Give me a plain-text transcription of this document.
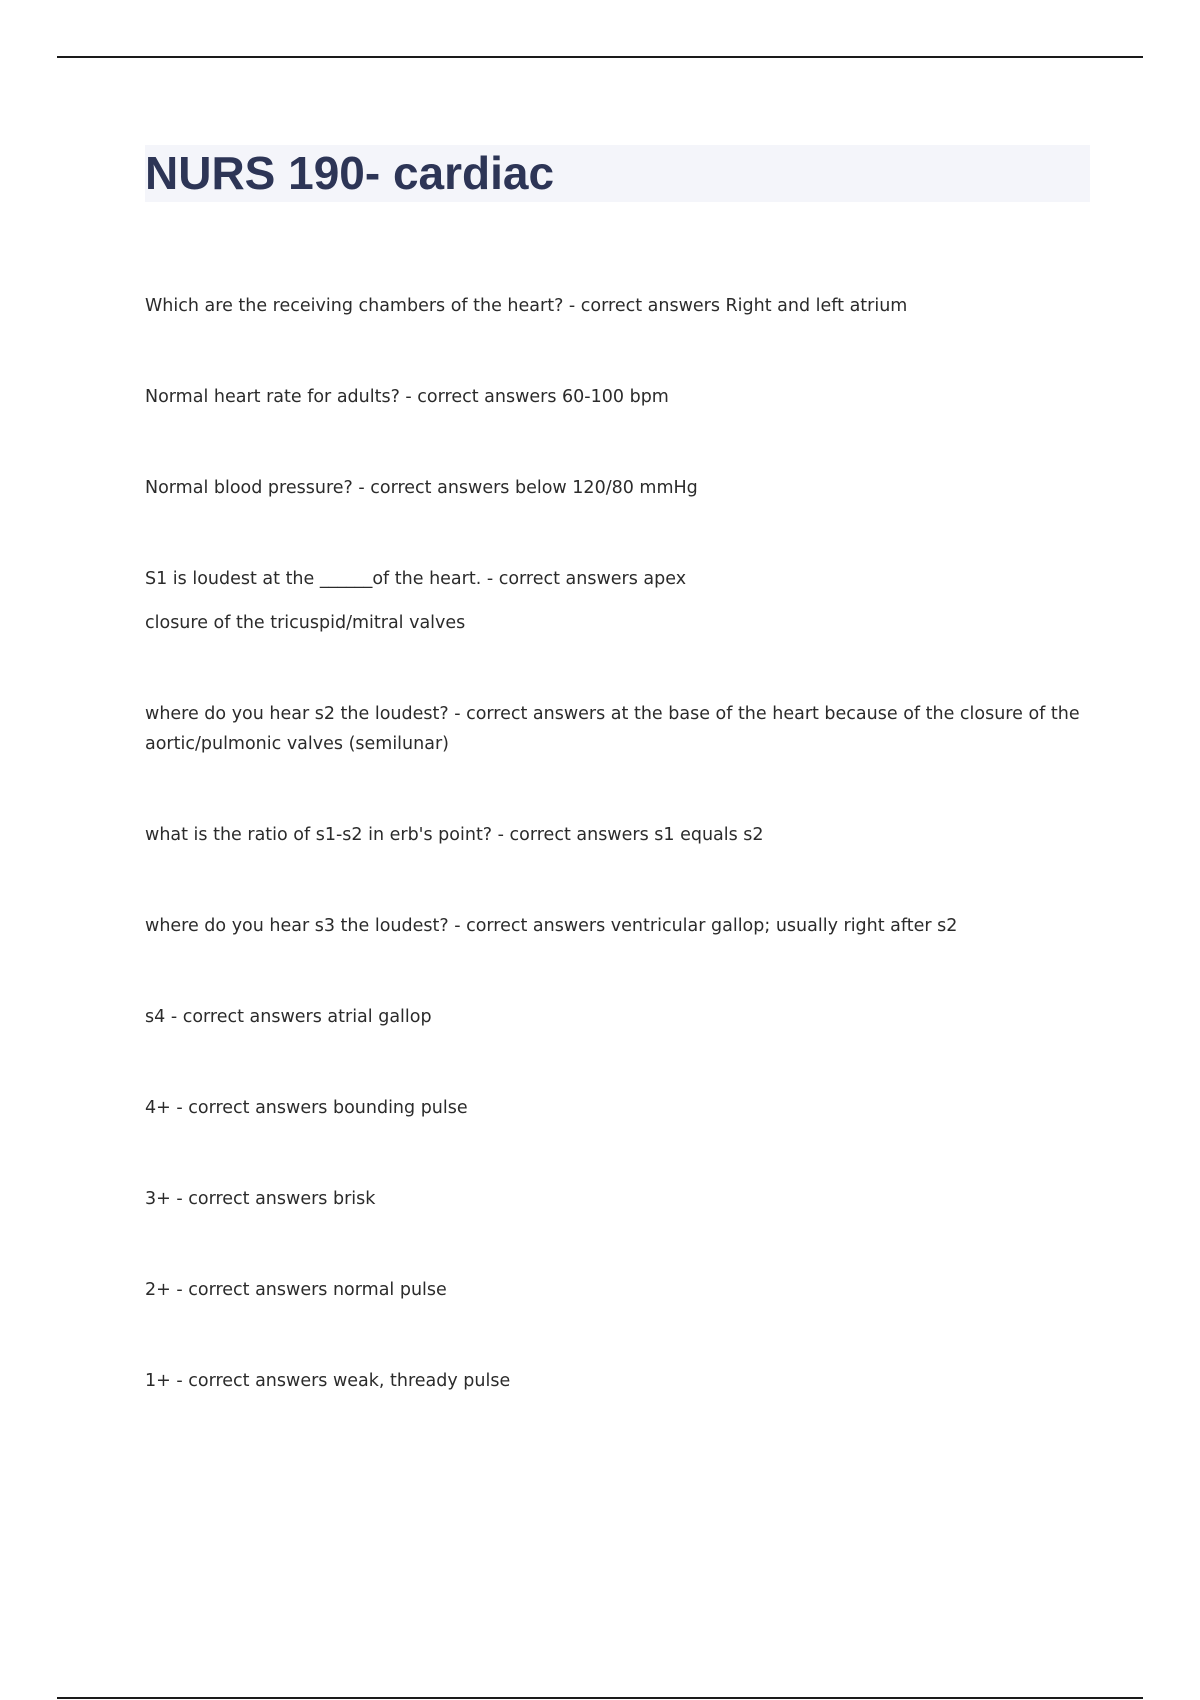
NURS 190- cardiac

Which are the receiving chambers of the heart? - correct answers Right and left atrium

Normal heart rate for adults? - correct answers 60-100 bpm

Normal blood pressure? - correct answers below 120/80 mmHg

S1 is loudest at the ______of the heart. - correct answers apex
closure of the tricuspid/mitral valves

where do you hear s2 the loudest? - correct answers at the base of the heart because of the closure of the aortic/pulmonic valves (semilunar)

what is the ratio of s1-s2 in erb's point? - correct answers s1 equals s2

where do you hear s3 the loudest? - correct answers ventricular gallop; usually right after s2

s4 - correct answers atrial gallop

4+ - correct answers bounding pulse

3+ - correct answers brisk

2+ - correct answers normal pulse

1+ - correct answers weak, thready pulse
